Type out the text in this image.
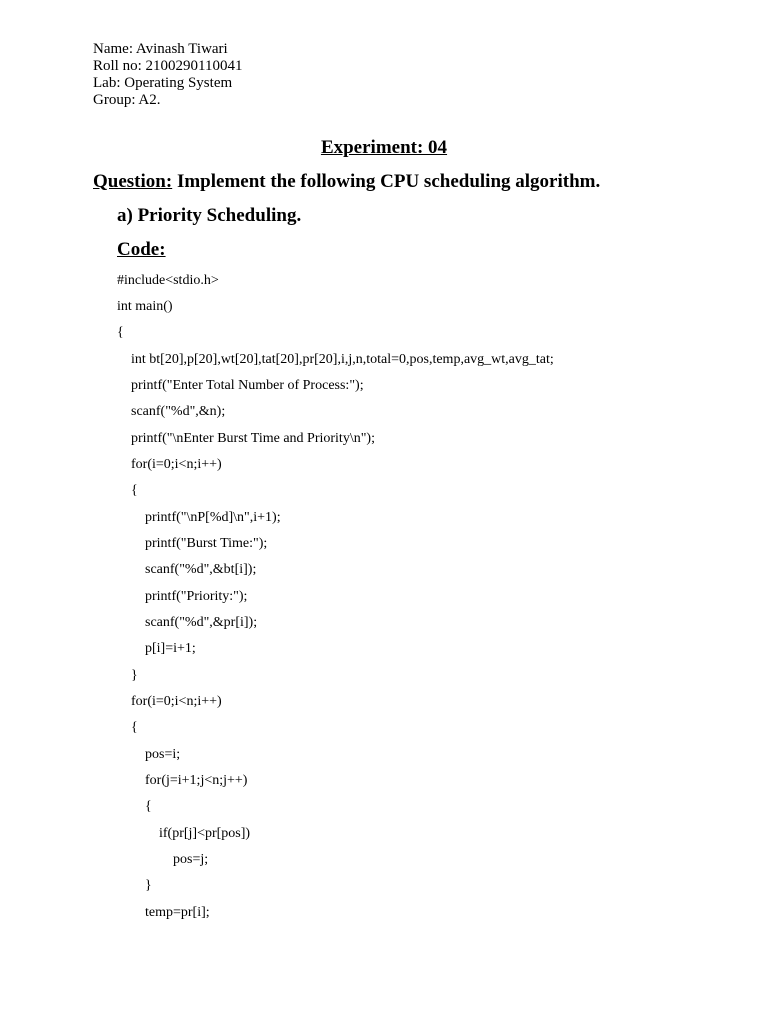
Name: Avinash Tiwari
Roll no: 2100290110041
Lab: Operating System
Group: A2.
Experiment: 04
Question: Implement the following CPU scheduling algorithm.
a) Priority Scheduling.
Code:
#include<stdio.h>
int main()
{
int bt[20],p[20],wt[20],tat[20],pr[20],i,j,n,total=0,pos,temp,avg_wt,avg_tat;
printf("Enter Total Number of Process:");
scanf("%d",&n);
printf("\nEnter Burst Time and Priority\n");
for(i=0;i<n;i++)
{
printf("\nP[%d]\n",i+1);
printf("Burst Time:");
scanf("%d",&bt[i]);
printf("Priority:");
scanf("%d",&pr[i]);
p[i]=i+1;
}
for(i=0;i<n;i++)
{
pos=i;
for(j=i+1;j<n;j++)
{
if(pr[j]<pr[pos])
pos=j;
}
temp=pr[i];
